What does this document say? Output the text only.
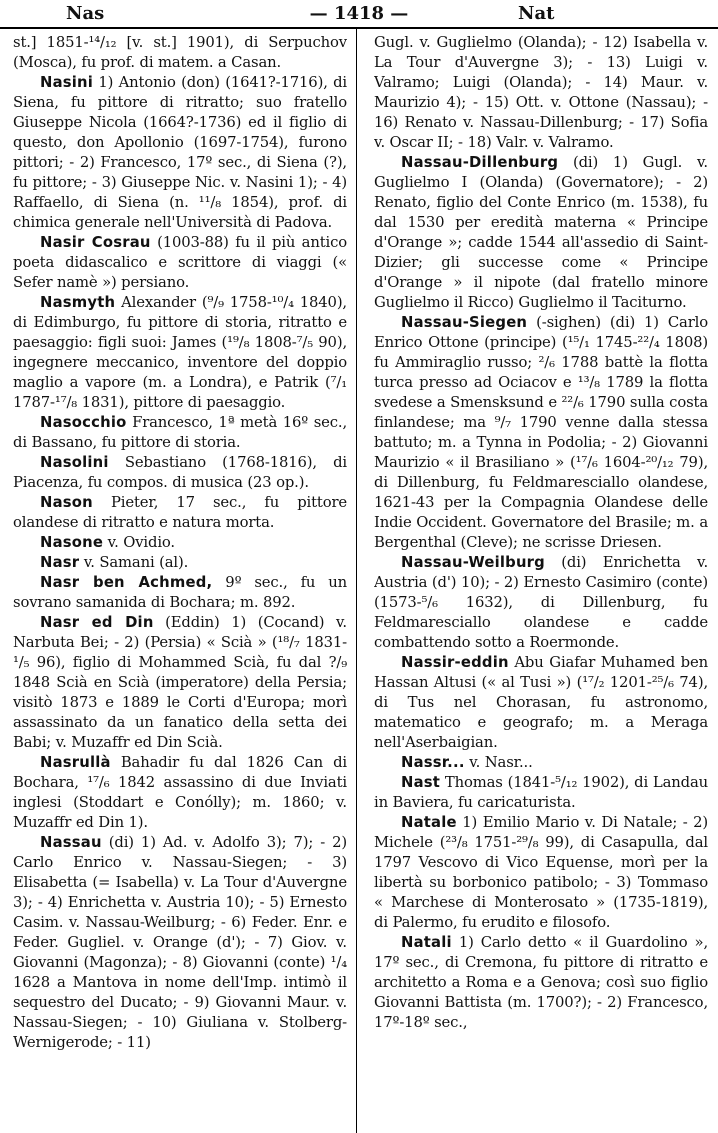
Nas	— 1418 —	Nat

st.] 1851-¹⁴/₁₂ [v. st.] 1901), di Serpuchov (Mosca), fu prof. di matem. a Casan.

Nasini 1) Antonio (don) (1641?-1716), di Siena, fu pittore di ritratto; suo fratello Giuseppe Nicola (1664?-1736) ed il figlio di questo, don Apollonio (1697-1754), furono pittori; - 2) Francesco, 17º sec., di Siena (?), fu pittore; - 3) Giuseppe Nic. v. Nasini 1); - 4) Raffaello, di Siena (n. ¹¹/₈ 1854), prof. di chimica generale nell'Università di Padova.

Nasir Cosrau (1003-88) fu il più antico poeta didascalico e scrittore di viaggi (« Sefer namè ») persiano.

Nasmyth Alexander (⁹/₉ 1758-¹⁰/₄ 1840), di Edimburgo, fu pittore di storia, ritratto e paesaggio: figli suoi: James (¹⁹/₈ 1808-⁷/₅ 90), ingegnere meccanico, inventore del doppio maglio a vapore (m. a Londra), e Patrik (⁷/₁ 1787-¹⁷/₈ 1831), pittore di paesaggio.

Nasocchio Francesco, 1ª metà 16º sec., di Bassano, fu pittore di storia.

Nasolini Sebastiano (1768-1816), di Piacenza, fu compos. di musica (23 op.).

Nason Pieter, 17 sec., fu pittore olandese di ritratto e natura morta.

Nasone v. Ovidio.

Nasr v. Samani (al).

Nasr ben Achmed, 9º sec., fu un sovrano samanida di Bochara; m. 892.

Nasr ed Din (Eddin) 1) (Cocand) v. Narbuta Bei; - 2) (Persia) « Scià » (¹⁸/₇ 1831-¹/₅ 96), figlio di Mohammed Scià, fu dal ?/₉ 1848 Scià en Scià (imperatore) della Persia; visitò 1873 e 1889 le Corti d'Europa; morì assassinato da un fanatico della setta dei Babi; v. Muzaffr ed Din Scià.

Nasrullà Bahadir fu dal 1826 Can di Bochara, ¹⁷/₆ 1842 assassino di due Inviati inglesi (Stoddart e Conólly); m. 1860; v. Muzaffr ed Din 1).

Nassau (di) 1) Ad. v. Adolfo 3); 7); - 2) Carlo Enrico v. Nassau-Siegen; - 3) Elisabetta (= Isabella) v. La Tour d'Auvergne 3); - 4) Enrichetta v. Austria 10); - 5) Ernesto Casim. v. Nassau-Weilburg; - 6) Feder. Enr. e Feder. Gugliel. v. Orange (d'); - 7) Giov. v. Giovanni (Magonza); - 8) Giovanni (conte) ¹/₄ 1628 a Mantova in nome dell'Imp. intimò il sequestro del Ducato; - 9) Giovanni Maur. v. Nassau-Siegen; - 10) Giuliana v. Stolberg-Wernigerode; - 11)

Gugl. v. Guglielmo (Olanda); - 12) Isabella v. La Tour d'Auvergne 3); - 13) Luigi v. Valramo; Luigi (Olanda); - 14) Maur. v. Maurizio 4); - 15) Ott. v. Ottone (Nassau); - 16) Renato v. Nassau-Dillenburg; - 17) Sofia v. Oscar II; - 18) Valr. v. Valramo.

Nassau-Dillenburg (di) 1) Gugl. v. Guglielmo I (Olanda) (Governatore); - 2) Renato, figlio del Conte Enrico (m. 1538), fu dal 1530 per eredità materna « Principe d'Orange »; cadde 1544 all'assedio di Saint-Dizier; gli successe come « Principe d'Orange » il nipote (dal fratello minore Guglielmo il Ricco) Guglielmo il Taciturno.

Nassau-Siegen (-sighen) (di) 1) Carlo Enrico Ottone (principe) (¹⁵/₁ 1745-²²/₄ 1808) fu Ammiraglio russo; ²/₆ 1788 battè la flotta turca presso ad Ociacov e ¹³/₈ 1789 la flotta svedese a Smensksund e ²²/₆ 1790 sulla costa finlandese; ma ⁹/₇ 1790 venne dalla stessa battuto; m. a Tynna in Podolia; - 2) Giovanni Maurizio « il Brasiliano » (¹⁷/₆ 1604-²⁰/₁₂ 79), di Dillenburg, fu Feldmaresciallo olandese, 1621-43 per la Compagnia Olandese delle Indie Occident. Governatore del Brasile; m. a Bergenthal (Cleve); ne scrisse Driesen.

Nassau-Weilburg (di) Enrichetta v. Austria (d') 10); - 2) Ernesto Casimiro (conte) (1573-⁵/₆ 1632), di Dillenburg, fu Feldmaresciallo olandese e cadde combattendo sotto a Roermonde.

Nassir-eddin Abu Giafar Muhamed ben Hassan Altusi (« al Tusi ») (¹⁷/₂ 1201-²⁵/₆ 74), di Tus nel Chorasan, fu astronomo, matematico e geografo; m. a Meraga nell'Aserbaigian.

Nassr... v. Nasr...

Nast Thomas (1841-⁵/₁₂ 1902), di Landau in Baviera, fu caricaturista.

Natale 1) Emilio Mario v. Di Natale; - 2) Michele (²³/₈ 1751-²⁹/₈ 99), di Casapulla, dal 1797 Vescovo di Vico Equense, morì per la libertà su borbonico patibolo; - 3) Tommaso « Marchese di Monterosato » (1735-1819), di Palermo, fu erudito e filosofo.

Natali 1) Carlo detto « il Guardolino », 17º sec., di Cremona, fu pittore di ritratto e architetto a Roma e a Genova; così suo figlio Giovanni Battista (m. 1700?); - 2) Francesco, 17º-18º sec.,
